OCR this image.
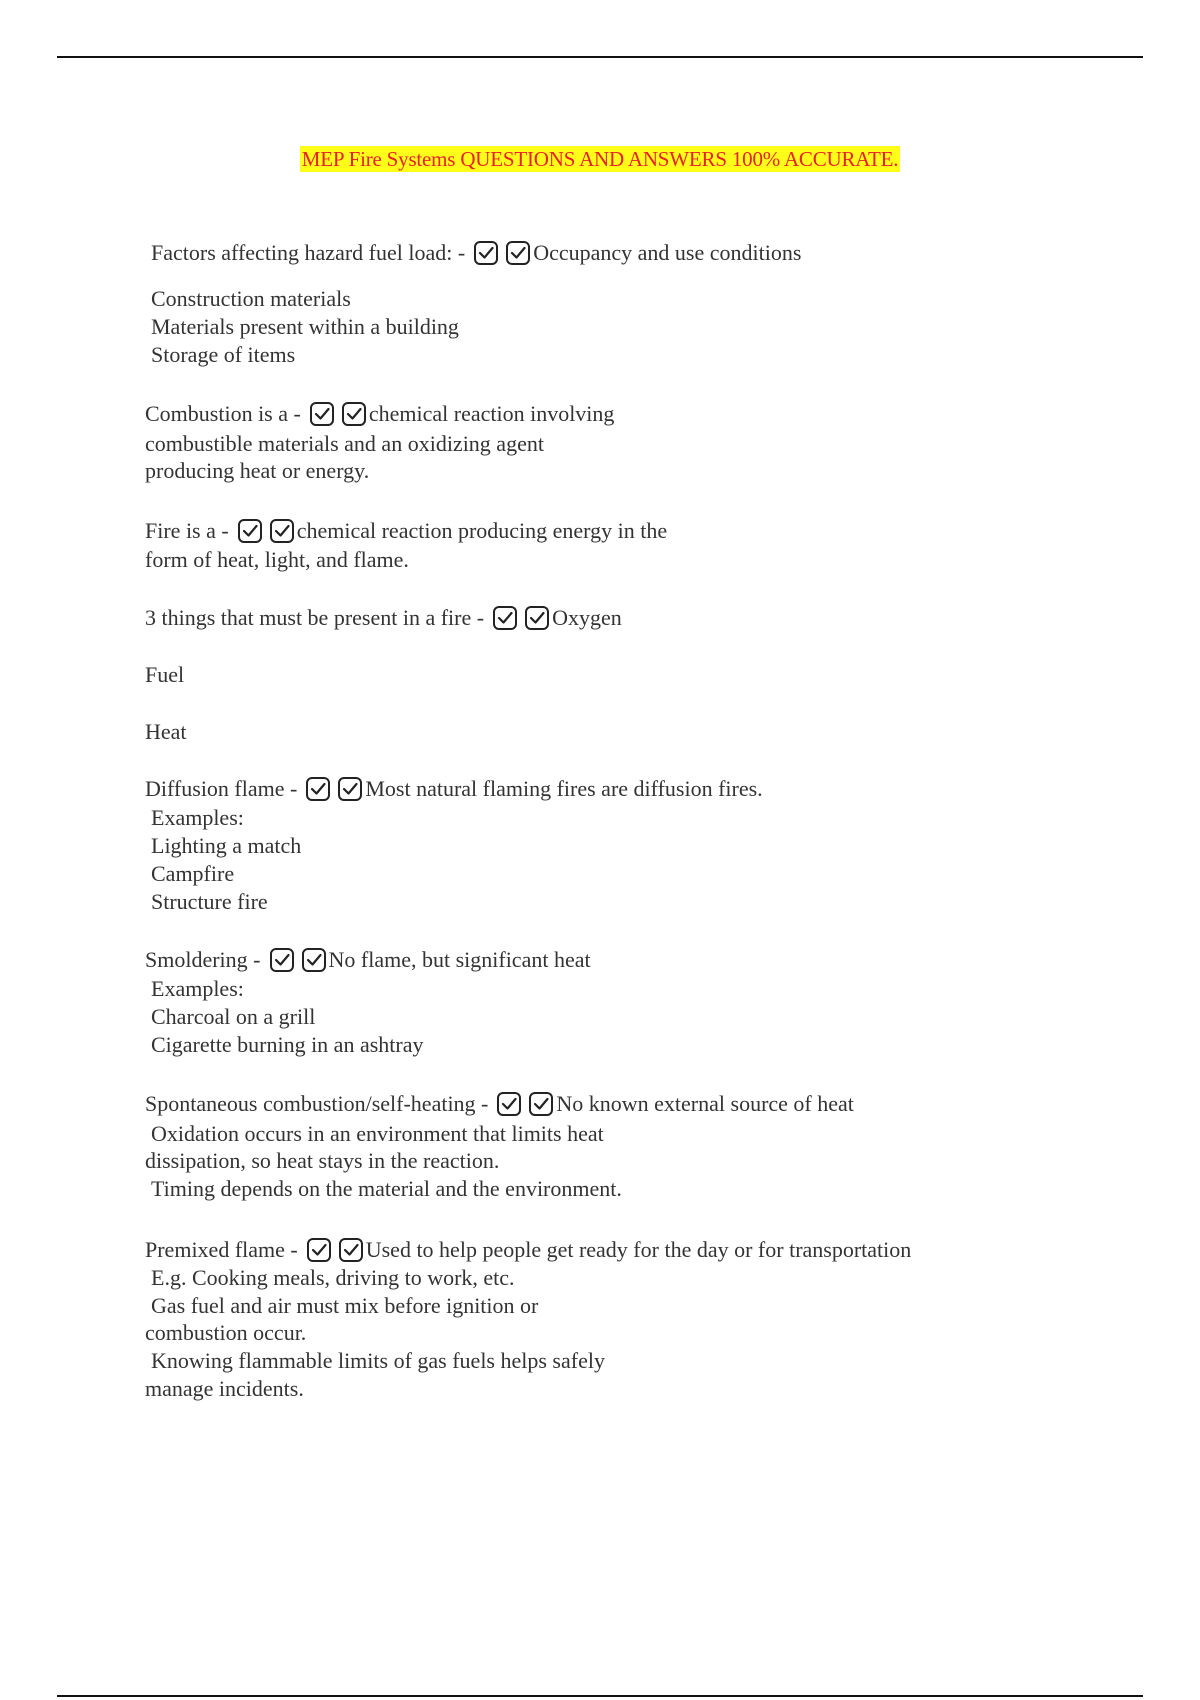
MEP Fire Systems QUESTIONS AND ANSWERS 100% ACCURATE.
Factors affecting hazard fuel load: -	Occupancy and use conditions
Construction materials
Materials present within a building
Storage of items
Combustion is a -	chemical reaction involving
combustible materials and an oxidizing agent
producing heat or energy.
Fire is a -	chemical reaction producing energy in the
form of heat, light, and flame.
3 things that must be present in a fire -	Oxygen
Fuel
Heat
Diffusion flame -	Most natural flaming fires are diffusion fires.
Examples:
Lighting a match
Campfire
Structure fire
Smoldering -	No flame, but significant heat
Examples:
Charcoal on a grill
Cigarette burning in an ashtray
Spontaneous combustion/self-heating -	No known external source of heat
Oxidation occurs in an environment that limits heat
dissipation, so heat stays in the reaction.
Timing depends on the material and the environment.
Premixed flame -	Used to help people get ready for the day or for transportation
E.g. Cooking meals, driving to work, etc.
Gas fuel and air must mix before ignition or
combustion occur.
Knowing flammable limits of gas fuels helps safely
manage incidents.
